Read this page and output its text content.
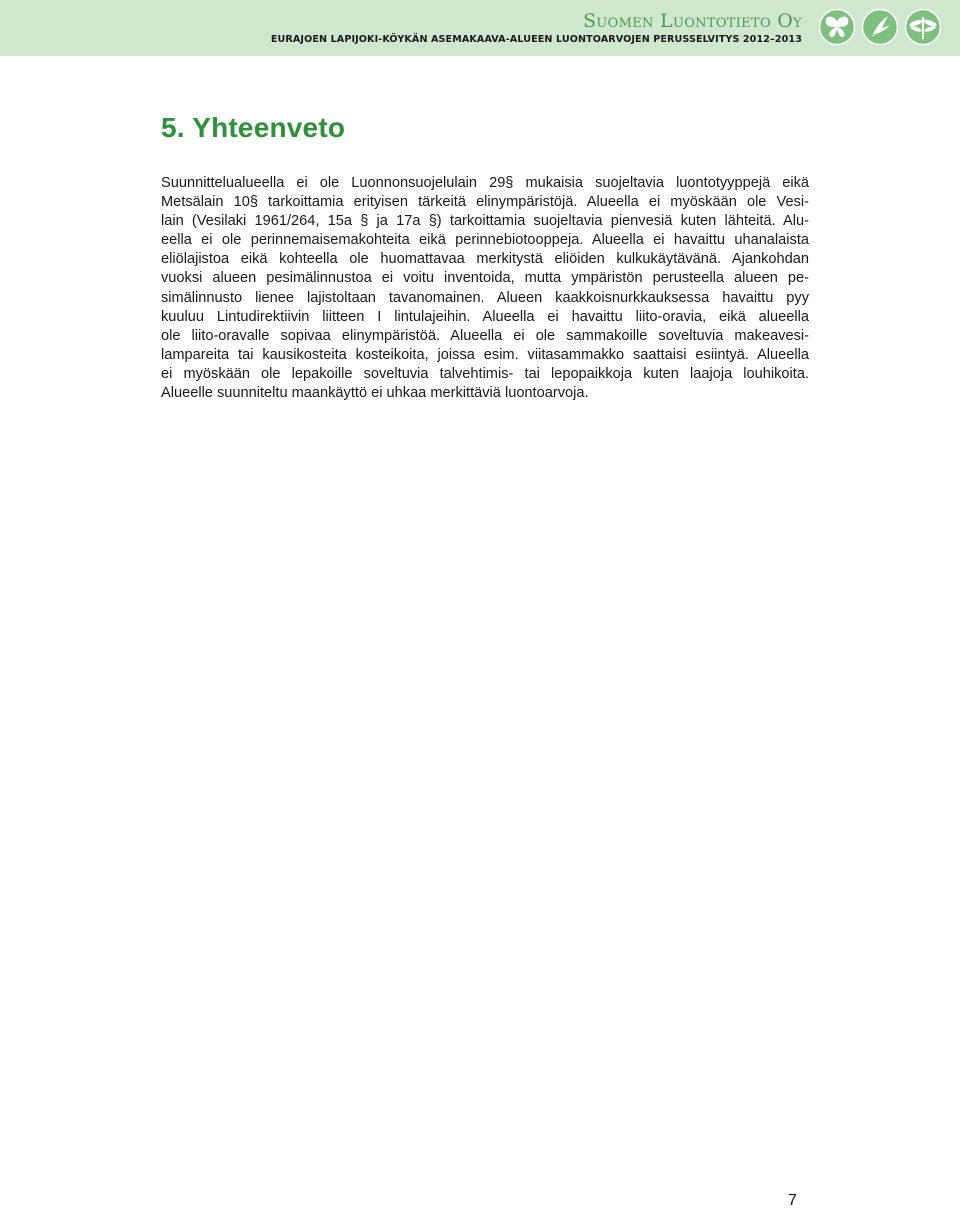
Suomen Luontotieto Oy
EURAJOEN LAPIJOKI-KÖYKÄN ASEMAKAAVA-ALUEEN LUONTOARVOJEN PERUSSELVITYS 2012–2013
5. Yhteenveto

Suunnittelualueella ei ole Luonnonsuojelulain 29§ mukaisia suojeltavia luontotyyppejä eikä
Metsälain 10§ tarkoittamia erityisen tärkeitä elinympäristöjä. Alueella ei myöskään ole Vesi-
lain (Vesilaki 1961/264, 15a § ja 17a §) tarkoittamia suojeltavia pienvesiä kuten lähteitä. Alu-
eella ei ole perinnemaisemakohteita eikä perinnebiotooppeja. Alueella ei havaittu uhanalaista
eliölajistoa eikä kohteella ole huomattavaa merkitystä eliöiden kulkukäytävänä. Ajankohdan
vuoksi alueen pesimälinnustoa ei voitu inventoida, mutta ympäristön perusteella alueen pe-
simälinnusto lienee lajistoltaan tavanomainen. Alueen kaakkoisnurkkauksessa havaittu pyy
kuuluu Lintudirektiivin liitteen I lintulajeihin. Alueella ei havaittu liito-oravia, eikä alueella
ole liito-oravalle sopivaa elinympäristöä. Alueella ei ole sammakoille soveltuvia makeavesi-
lampareita tai kausikosteita kosteikoita, joissa esim. viitasammakko saattaisi esiintyä. Alueella
ei myöskään ole lepakoille soveltuvia talvehtimis- tai lepopaikkoja kuten laajoja louhikoita.
Alueelle suunniteltu maankäyttö ei uhkaa merkittäviä luontoarvoja.

7
